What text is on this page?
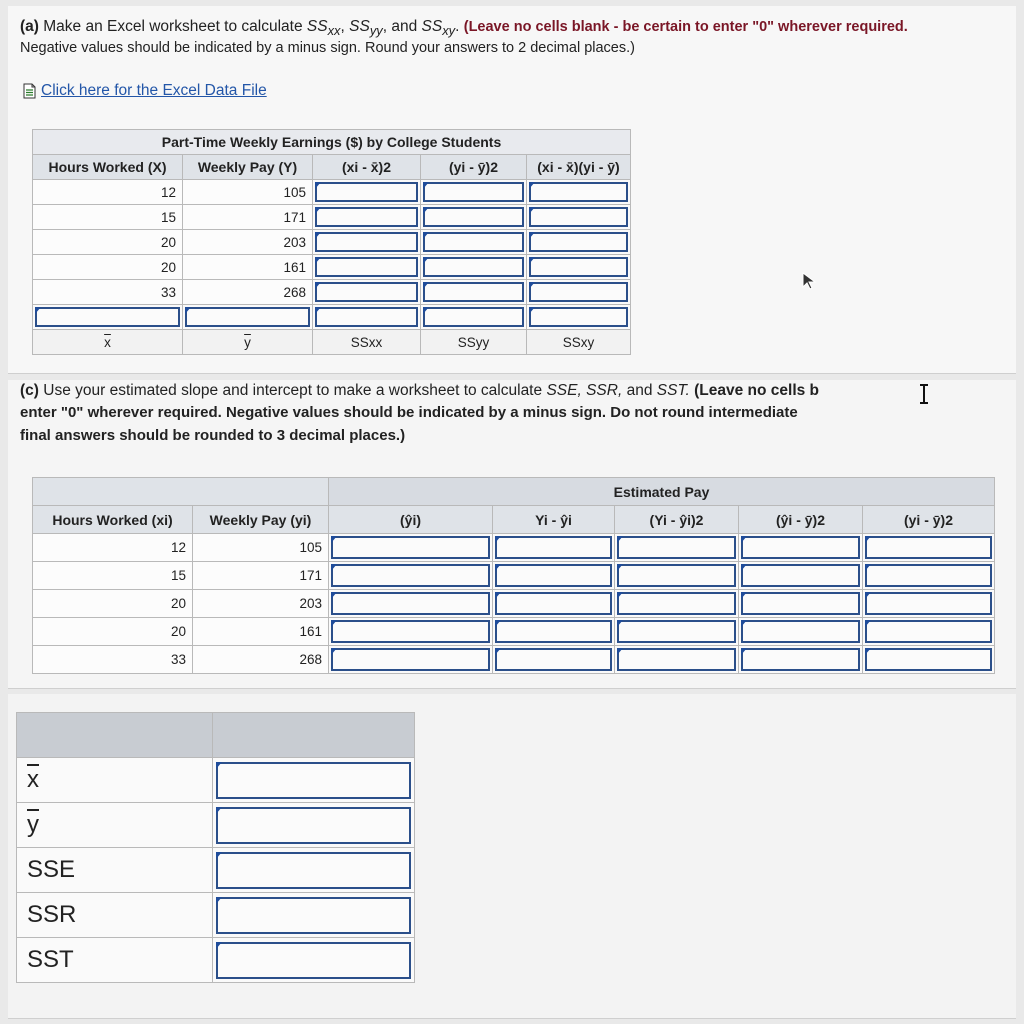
(a) Make an Excel worksheet to calculate $SS_{xx}$, $SS_{yy}$, and $SS_{xy}$. (Leave no cells blank - be certain to enter "0" wherever required.
Negative values should be indicated by a minus sign. Round your answers to 2 decimal places.)
Click here for the Excel Data File
Part-Time Weekly Earnings ($) by College Students				
Hours Worked (X)	Weekly Pay (Y)	(xi - x̄)2	(yi - ȳ)2	(xi - x̄)(yi - ȳ)
12	105	

15	171	

20	203	

20	161	

33	268	

$\overline{x}$	$\overline{y}$	SSxx	SSyy	SSxy
(c) Use your estimated slope and intercept to make a worksheet to calculate SSE, SSR, and SST. (Leave no cells b
enter "0" wherever required. Negative values should be indicated by a minus sign. Do not round intermediate
final answers should be rounded to 3 decimal places.)
		Estimated Pay				
Hours Worked (xi)	Weekly Pay (yi)	(ŷi)	Yi - ŷi	(Yi - ŷi)2	(ŷi - ȳ)2	(yi - ȳ)2
12	105	

15	171	

20	203	

20	161	

33	268	

$\overline{x}$	

$\overline{y}$	

SSE	

SSR	

SST	
